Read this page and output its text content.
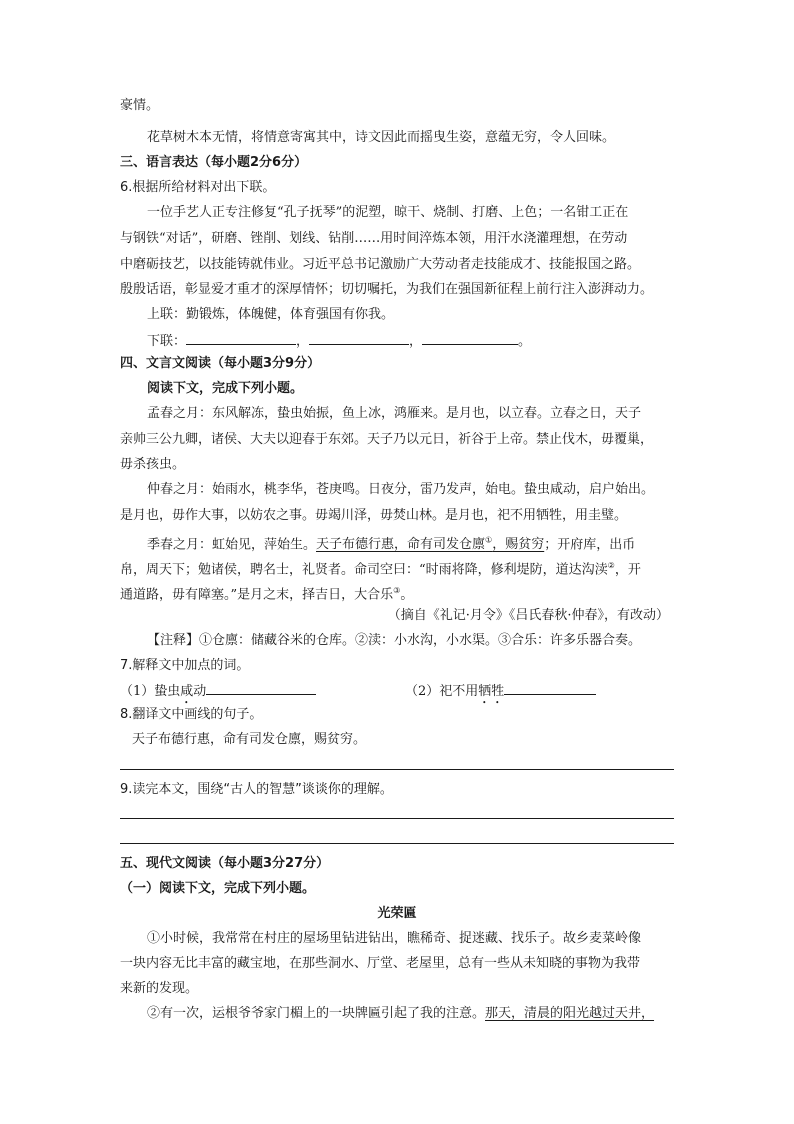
豪情。
花草树木本无情，将情意寄寓其中，诗文因此而摇曳生姿，意蕴无穷，令人回味。
三、语言表达（每小题2分6分）
6.根据所给材料对出下联。
一位手艺人正专注修复“孔子抚琴”的泥塑，晾干、烧制、打磨、上色；一名钳工正在
与钢铁“对话”，研磨、锉削、划线、钻削……用时间淬炼本领，用汗水浇灌理想，在劳动
中磨砺技艺，以技能铸就伟业。习近平总书记激励广大劳动者走技能成才、技能报国之路。
殷殷话语，彰显爱才重才的深厚情怀；切切嘱托，为我们在强国新征程上前行注入澎湃动力。
上联：勤锻炼，体魄健，体育强国有你我。
下联：	，	，	。
四、文言文阅读（每小题3分9分）
阅读下文，完成下列小题。
孟春之月：东风解冻，蛰虫始振，鱼上冰，鸿雁来。是月也，以立春。立春之日，天子
亲帅三公九卿，诸侯、大夫以迎春于东郊。天子乃以元日，祈谷于上帝。禁止伐木，毋覆巢，
毋杀孩虫。
仲春之月：始雨水，桃李华，苍庚鸣。日夜分，雷乃发声，始电。蛰虫咸动，启户始出。
是月也，毋作大事，以妨农之事。毋竭川泽，毋焚山林。是月也，祀不用牺牲，用圭璧。
季春之月：虹始见，萍始生。天子布德行惠，命有司发仓廪①，赐贫穷；开府库，出币
帛，周天下；勉诸侯，聘名士，礼贤者。命司空曰：“时雨将降，修利堤防，道达沟渎②，开
通道路，毋有障塞。”是月之末，择吉日，大合乐③。
（摘自《礼记·月令》《吕氏春秋·仲春》，有改动）
【注释】①仓廪：储藏谷米的仓库。②渎：小水沟，小水渠。③合乐：许多乐器合奏。
7.解释文中加点的词。
（1）蛰虫咸动	（2）祀不用牺牲
8.翻译文中画线的句子。
天子布德行惠，命有司发仓廪，赐贫穷。
9.读完本文，围绕“古人的智慧”谈谈你的理解。
五、现代文阅读（每小题3分27分）
（一）阅读下文，完成下列小题。
光荣匾
①小时候，我常常在村庄的屋场里钻进钻出，瞧稀奇、捉迷藏、找乐子。故乡麦菜岭像
一块内容无比丰富的藏宝地，在那些洞水、厅堂、老屋里，总有一些从未知晓的事物为我带
来新的发现。
②有一次，运根爷爷家门楣上的一块牌匾引起了我的注意。那天，清晨的阳光越过天井，
